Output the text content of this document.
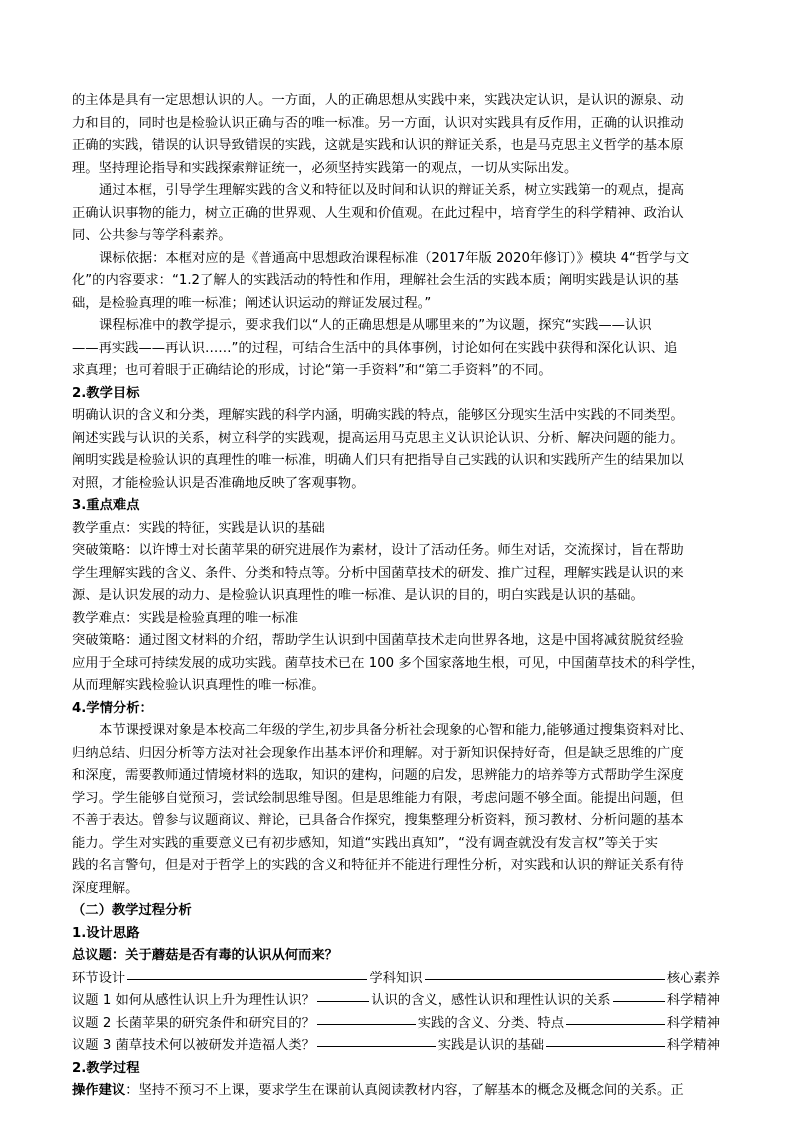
的主体是具有一定思想认识的人。一方面，人的正确思想从实践中来，实践决定认识，是认识的源泉、动
力和目的，同时也是检验认识正确与否的唯一标准。另一方面，认识对实践具有反作用，正确的认识推动
正确的实践，错误的认识导致错误的实践，这就是实践和认识的辩证关系，也是马克思主义哲学的基本原
理。坚持理论指导和实践探索辩证统一，必须坚持实践第一的观点，一切从实际出发。
通过本框，引导学生理解实践的含义和特征以及时间和认识的辩证关系，树立实践第一的观点，提高
正确认识事物的能力，树立正确的世界观、人生观和价值观。在此过程中，培育学生的科学精神、政治认
同、公共参与等学科素养。
课标依据：本框对应的是《普通高中思想政治课程标准（2017年版 2020年修订）》模块 4“哲学与文
化”的内容要求：“1.2了解人的实践活动的特性和作用，理解社会生活的实践本质；阐明实践是认识的基
础，是检验真理的唯一标准；阐述认识运动的辩证发展过程。”
课程标准中的教学提示，要求我们以“人的正确思想是从哪里来的”为议题，探究“实践——认识
——再实践——再认识……”的过程，可结合生活中的具体事例，讨论如何在实践中获得和深化认识、追
求真理；也可着眼于正确结论的形成，讨论“第一手资料”和“第二手资料”的不同。
2.教学目标
明确认识的含义和分类，理解实践的科学内涵，明确实践的特点，能够区分现实生活中实践的不同类型。
阐述实践与认识的关系，树立科学的实践观，提高运用马克思主义认识论认识、分析、解决问题的能力。
阐明实践是检验认识的真理性的唯一标准，明确人们只有把指导自己实践的认识和实践所产生的结果加以
对照，才能检验认识是否准确地反映了客观事物。
3.重点难点
教学重点：实践的特征，实践是认识的基础
突破策略：以许博士对长菌苹果的研究进展作为素材，设计了活动任务。师生对话，交流探讨，旨在帮助
学生理解实践的含义、条件、分类和特点等。分析中国菌草技术的研发、推广过程，理解实践是认识的来
源、是认识发展的动力、是检验认识真理性的唯一标准、是认识的目的，明白实践是认识的基础。
教学难点：实践是检验真理的唯一标准
突破策略：通过图文材料的介绍，帮助学生认识到中国菌草技术走向世界各地，这是中国将减贫脱贫经验
应用于全球可持续发展的成功实践。菌草技术已在 100 多个国家落地生根，可见，中国菌草技术的科学性，
从而理解实践检验认识真理性的唯一标准。
4.学情分析：
本节课授课对象是本校高二年级的学生,初步具备分析社会现象的心智和能力,能够通过搜集资料对比、
归纳总结、归因分析等方法对社会现象作出基本评价和理解。对于新知识保持好奇，但是缺乏思维的广度
和深度，需要教师通过情境材料的选取，知识的建构，问题的启发，思辨能力的培养等方式帮助学生深度
学习。学生能够自觉预习，尝试绘制思维导图。但是思维能力有限，考虑问题不够全面。能提出问题，但
不善于表达。曾参与议题商议、辩论，已具备合作探究，搜集整理分析资料，预习教材、分析问题的基本
能力。学生对实践的重要意义已有初步感知，知道“实践出真知”，“没有调查就没有发言权”等关于实
践的名言警句，但是对于哲学上的实践的含义和特征并不能进行理性分析，对实践和认识的辩证关系有待
深度理解。
（二）教学过程分析
1.设计思路
总议题：关于蘑菇是否有毒的认识从何而来？
环节设计	学科知识	核心素养
议题 1 如何从感性认识上升为理性认识？	认识的含义，感性认识和理性认识的关系	科学精神
议题 2 长菌苹果的研究条件和研究目的？	实践的含义、分类、特点	科学精神
议题 3 菌草技术何以被研发并造福人类？	实践是认识的基础	科学精神
2.教学过程
操作建议：坚持不预习不上课，要求学生在课前认真阅读教材内容，了解基本的概念及概念间的关系。正
